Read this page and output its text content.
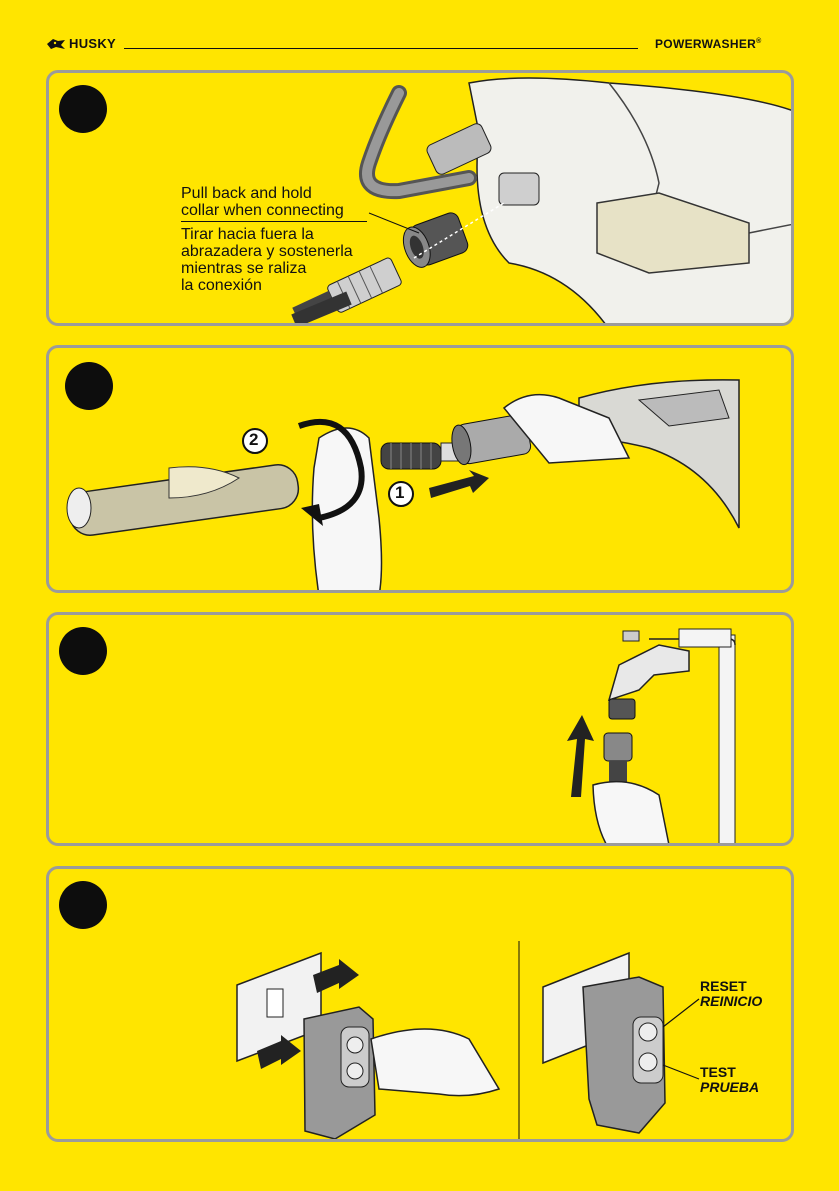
HUSKY	POWERWASHER®
Pull back and hold
collar when connecting
Tirar hacia fuera la
abrazadera y sostenerla
mientras se raliza
la conexión
2
1
RESET
REINICIO
TEST
PRUEBA
